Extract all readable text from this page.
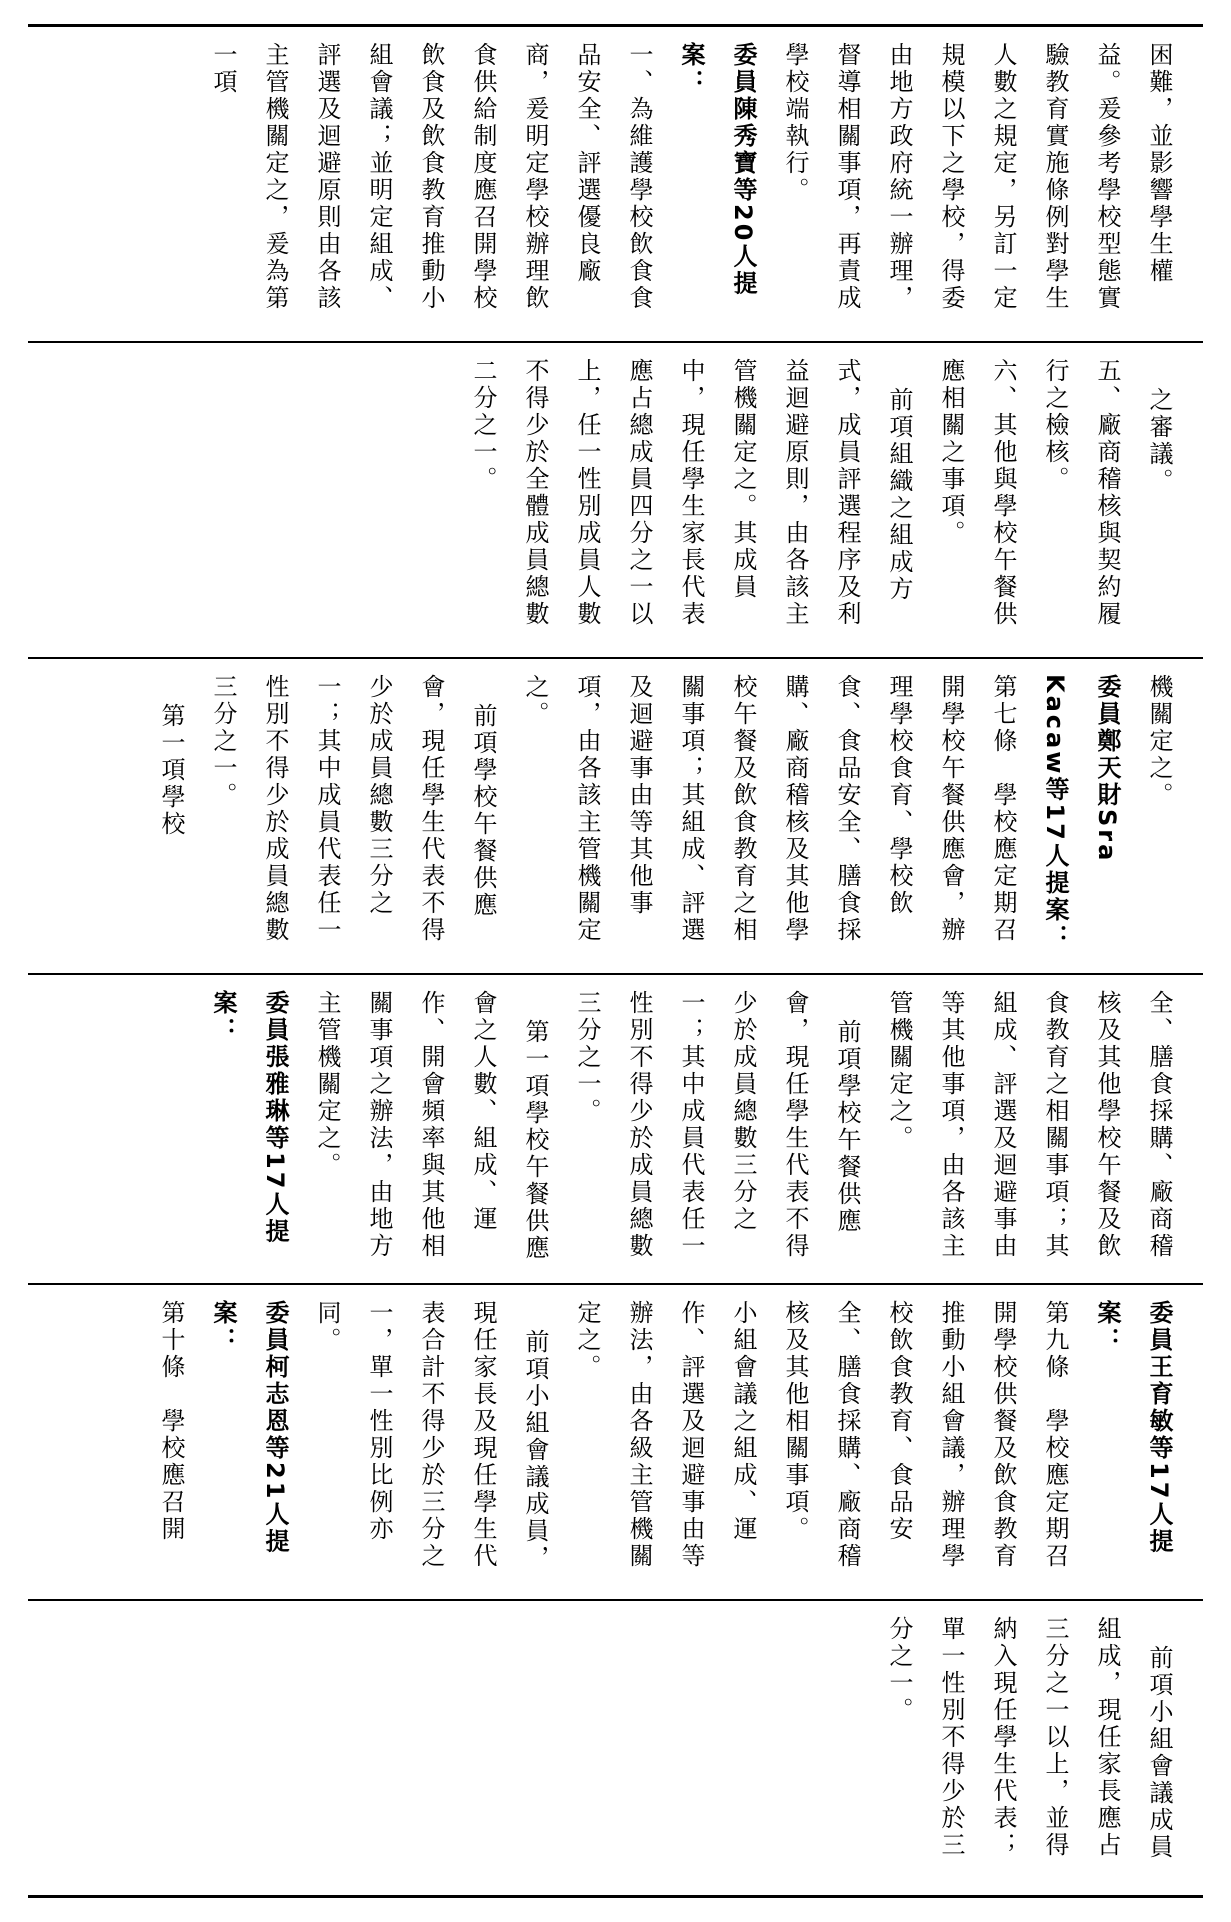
困難，並影響學生權益。爰參考學校型態實驗教育實施條例對學生人數之規定，另訂一定規模以下之學校，得委由地方政府統一辦理，督導相關事項，再責成學校端執行。

委員陳秀寶等20人提案：

一、為維護學校飲食食品安全、評選優良廠商，爰明定學校辦理飲食供給制度應召開學校飲食及飲食教育推動小組會議；並明定組成、評選及迴避原則由各該主管機關定之，爰為第一項

之審議。

五、廠商稽核與契約履行之檢核。

六、其他與學校午餐供應相關之事項。

前項組織之組成方式，成員評選程序及利益迴避原則，由各該主管機關定之。其成員中，現任學生家長代表應占總成員四分之一以上，任一性別成員人數不得少於全體成員總數二分之一。

機關定之。

委員鄭天財Sra Kacaw等17人提案：

第七條　學校應定期召開學校午餐供應會，辦理學校食育、學校飲食、食品安全、膳食採購、廠商稽核及其他學校午餐及飲食教育之相關事項；其組成、評選及迴避事由等其他事項，由各該主管機關定之。

前項學校午餐供應會，現任學生代表不得少於成員總數三分之一；其中成員代表任一性別不得少於成員總數三分之一。

第一項學校

全、膳食採購、廠商稽核及其他學校午餐及飲食教育之相關事項；其組成、評選及迴避事由等其他事項，由各該主管機關定之。

前項學校午餐供應會，現任學生代表不得少於成員總數三分之一；其中成員代表任一性別不得少於成員總數三分之一。

第一項學校午餐供應會之人數、組成、運作、開會頻率與其他相關事項之辦法，由地方主管機關定之。

委員張雅琳等17人提案：

委員王育敏等17人提案：

第九條　學校應定期召開學校供餐及飲食教育推動小組會議，辦理學校飲食教育、食品安全、膳食採購、廠商稽核及其他相關事項。

小組會議之組成、運作、評選及迴避事由等辦法，由各級主管機關定之。

前項小組會議成員，現任家長及現任學生代表合計不得少於三分之一，單一性別比例亦同。

委員柯志恩等21人提案：

第十條　學校應召開

前項小組會議成員組成，現任家長應占三分之一以上，並得納入現任學生代表；單一性別不得少於三分之一。
